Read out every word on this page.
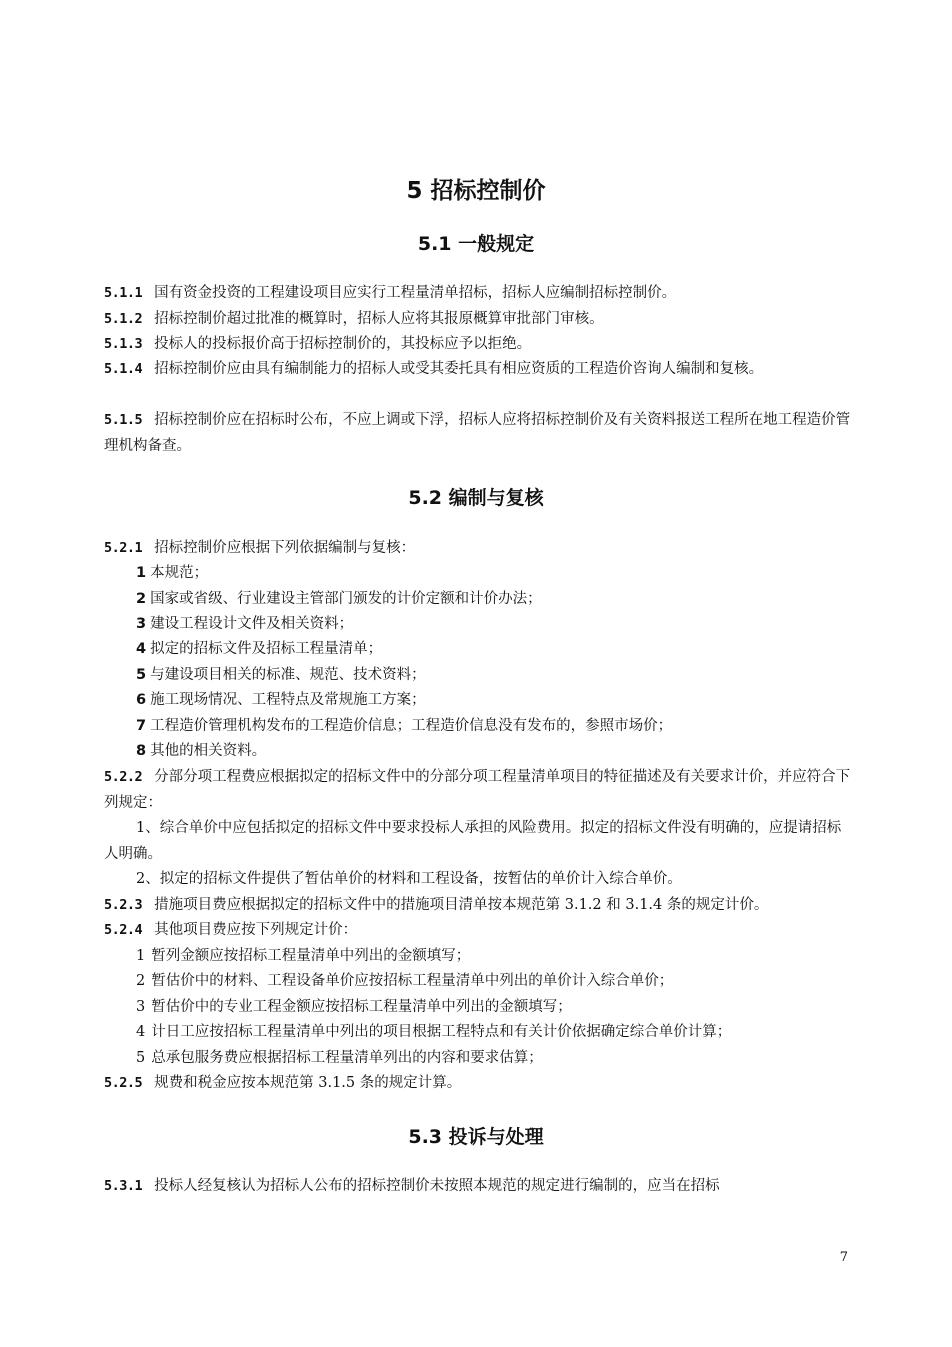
5 招标控制价
5.1 一般规定

5.1.1 国有资金投资的工程建设项目应实行工程量清单招标，招标人应编制招标控制价。

5.1.2 招标控制价超过批准的概算时，招标人应将其报原概算审批部门审核。

5.1.3 投标人的投标报价高于招标控制价的，其投标应予以拒绝。

5.1.4 招标控制价应由具有编制能力的招标人或受其委托具有相应资质的工程造价咨询人编制和复核。

5.1.5 招标控制价应在招标时公布，不应上调或下浮，招标人应将招标控制价及有关资料报送工程所在地工程造价管理机构备查。

5.2 编制与复核

5.2.1 招标控制价应根据下列依据编制与复核：

1 本规范；

2 国家或省级、行业建设主管部门颁发的计价定额和计价办法；

3 建设工程设计文件及相关资料；

4 拟定的招标文件及招标工程量清单；

5 与建设项目相关的标准、规范、技术资料；

6 施工现场情况、工程特点及常规施工方案；

7 工程造价管理机构发布的工程造价信息；工程造价信息没有发布的，参照市场价；

8 其他的相关资料。

5.2.2 分部分项工程费应根据拟定的招标文件中的分部分项工程量清单项目的特征描述及有关要求计价，并应符合下列规定：

1、综合单价中应包括拟定的招标文件中要求投标人承担的风险费用。拟定的招标文件没有明确的，应提请招标人明确。

2、拟定的招标文件提供了暂估单价的材料和工程设备，按暂估的单价计入综合单价。

5.2.3 措施项目费应根据拟定的招标文件中的措施项目清单按本规范第 3.1.2 和 3.1.4 条的规定计价。

5.2.4 其他项目费应按下列规定计价：

1 暂列金额应按招标工程量清单中列出的金额填写；

2 暂估价中的材料、工程设备单价应按招标工程量清单中列出的单价计入综合单价；

3 暂估价中的专业工程金额应按招标工程量清单中列出的金额填写；

4 计日工应按招标工程量清单中列出的项目根据工程特点和有关计价依据确定综合单价计算；

5 总承包服务费应根据招标工程量清单列出的内容和要求估算；

5.2.5 规费和税金应按本规范第 3.1.5 条的规定计算。

5.3 投诉与处理

5.3.1 投标人经复核认为招标人公布的招标控制价未按照本规范的规定进行编制的，应当在招标

7
